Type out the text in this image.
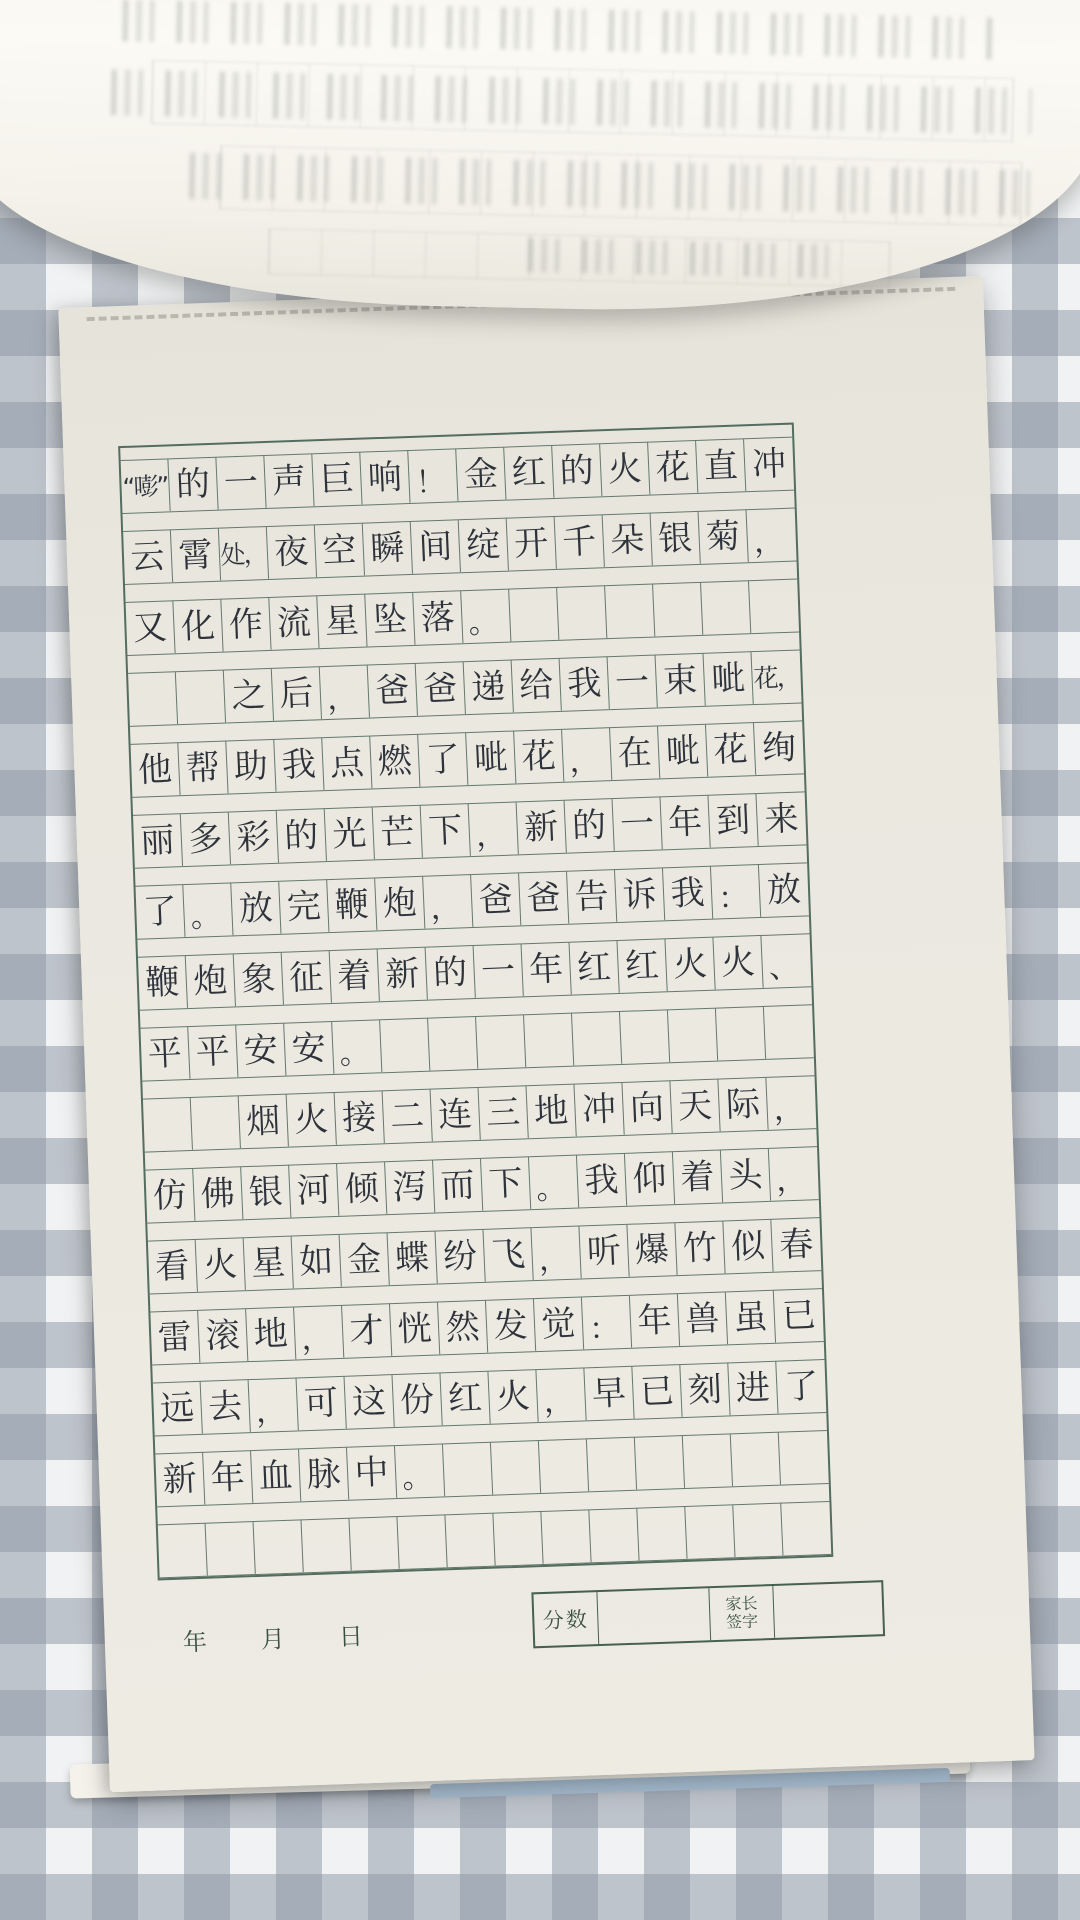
“嘭” 的 一 声 巨 响 ！ 金 红 的 火 花 直 冲
云 霄 处， 夜 空 瞬 间 绽 开 千 朵 银 菊 ，
又 化 作 流 星 坠 落 。
之 后 ， 爸 爸 递 给 我 一 束 呲 花，
他 帮 助 我 点 燃 了 呲 花 ， 在 呲 花 绚
丽 多 彩 的 光 芒 下 ， 新 的 一 年 到 来
了 。 放 完 鞭 炮 ， 爸 爸 告 诉 我 ： 放
鞭 炮 象 征 着 新 的 一 年 红 红 火 火 、
平 平 安 安 。
烟 火 接 二 连 三 地 冲 向 天 际 ，
仿 佛 银 河 倾 泻 而 下 。 我 仰 着 头 ，
看 火 星 如 金 蝶 纷 飞 ， 听 爆 竹 似 春
雷 滚 地 ， 才 恍 然 发 觉 ： 年 兽 虽 已
远 去 ， 可 这 份 红 火 ， 早 已 刻 进 了
新 年 血 脉 中 。
年 月 日
分数
家长
签字
